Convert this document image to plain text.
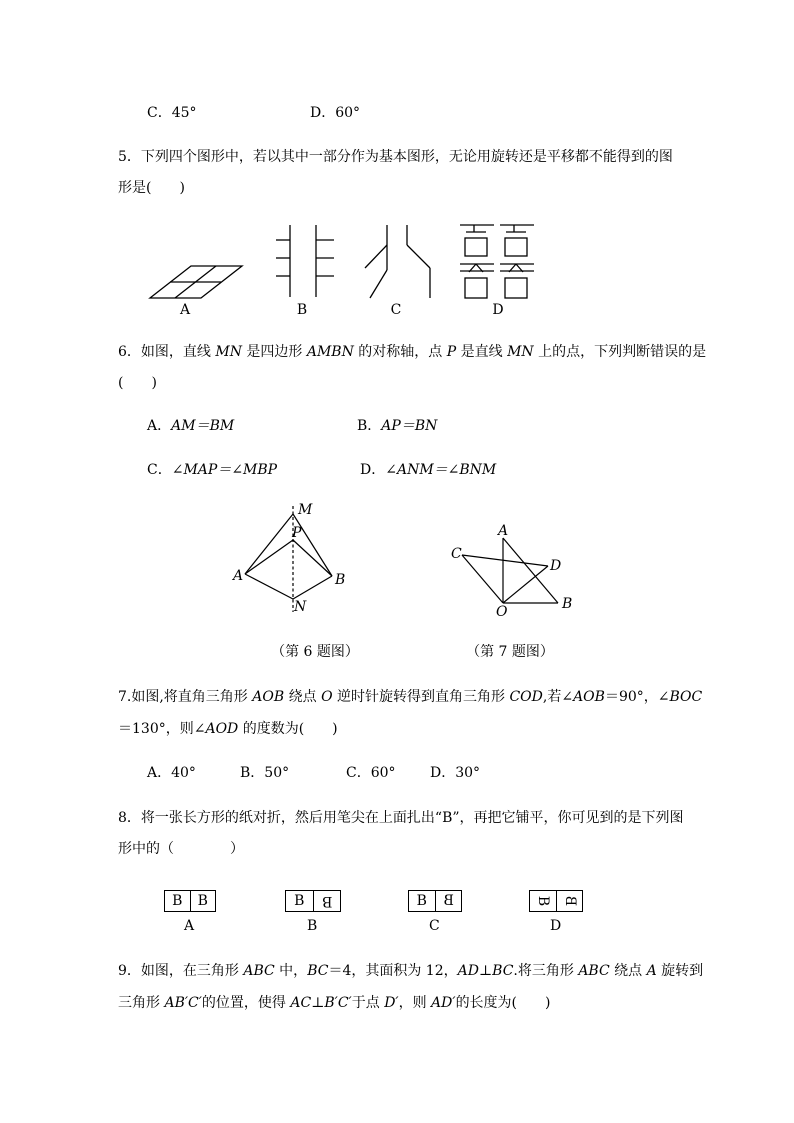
C．45°	D．60°
5．下列四个图形中，若以其中一部分作为基本图形，无论用旋转还是平移都不能得到的图
形是(　　)
A	B	C	D
6．如图，直线 MN 是四边形 AMBN 的对称轴，点 P 是直线 MN 上的点，下列判断错误的是
(　　)
A．AM＝BM	B．AP＝BN
C．∠MAP＝∠MBP	D．∠ANM＝∠BNM
M
P
A	B
N
（第 6 题图）
A
C
D
O	B
（第 7 题图）
7.如图,将直角三角形 AOB 绕点 O 逆时针旋转得到直角三角形 COD,若∠AOB＝90°，∠BOC
＝130°，则∠AOD 的度数为(　　)
A．40°	B．50°	C．60° D．30°
8．将一张长方形的纸对折，然后用笔尖在上面扎出“B”，再把它铺平，你可见到的是下列图
形中的（　　　　）
B	B	B	B	B	B	B B
A	B	C	D
9．如图，在三角形 ABC 中，BC＝4，其面积为 12，AD⊥BC.将三角形 ABC 绕点 A 旋转到
三角形 AB′C′的位置，使得 AC⊥B′C′于点 D′，则 AD′的长度为(　　)
